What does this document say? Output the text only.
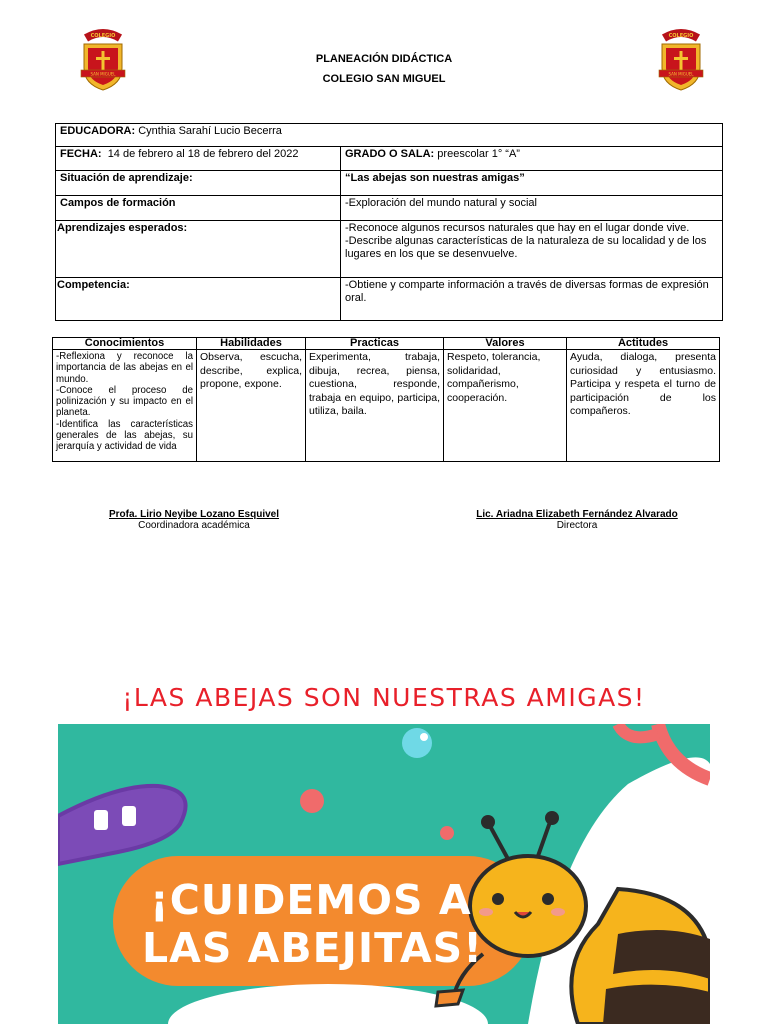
COLEGIO
SAN MIGUEL
COLEGIO
SAN MIGUEL
PLANEACIÓN DIDÁCTICA
COLEGIO SAN MIGUEL
EDUCADORA: Cynthia Sarahí Lucio Becerra	
FECHA: 14 de febrero al 18 de febrero del 2022	GRADO O SALA: preescolar 1° “A”
Situación de aprendizaje:	“Las abejas son nuestras amigas”
Campos de formación	-Exploración del mundo natural y social
Aprendizajes esperados:	-Reconoce algunos recursos naturales que hay en el lugar donde vive.
-Describe algunas características de la naturaleza de su localidad y de los lugares en los que se desenvuelve.

Competencia:	-Obtiene y comparte información a través de diversas formas de expresión oral.
Conocimientos	Habilidades	Practicas	Valores	Actitudes

-Reflexiona y reconoce la importancia de las abejas en el mundo.
-Conoce el proceso de polinización y su impacto en el planeta.
-Identifica las características generales de las abejas, su jerarquía y actividad de vida	Observa, escucha, describe, explica, propone, expone.	Experimenta, trabaja, dibuja, recrea, piensa, cuestiona, responde, trabaja en equipo, participa, utiliza, baila.	Respeto, tolerancia, solidaridad, compañerismo, cooperación.	Ayuda, dialoga, presenta curiosidad y entusiasmo. Participa y respeta el turno de participación de los compañeros.
Profa. Lirio Neyibe Lozano Esquivel
Coordinadora académica
Lic. Ariadna Elizabeth Fernández Alvarado
Directora
¡LAS ABEJAS SON NUESTRAS AMIGAS!
¡CUIDEMOS A
LAS ABEJITAS!
